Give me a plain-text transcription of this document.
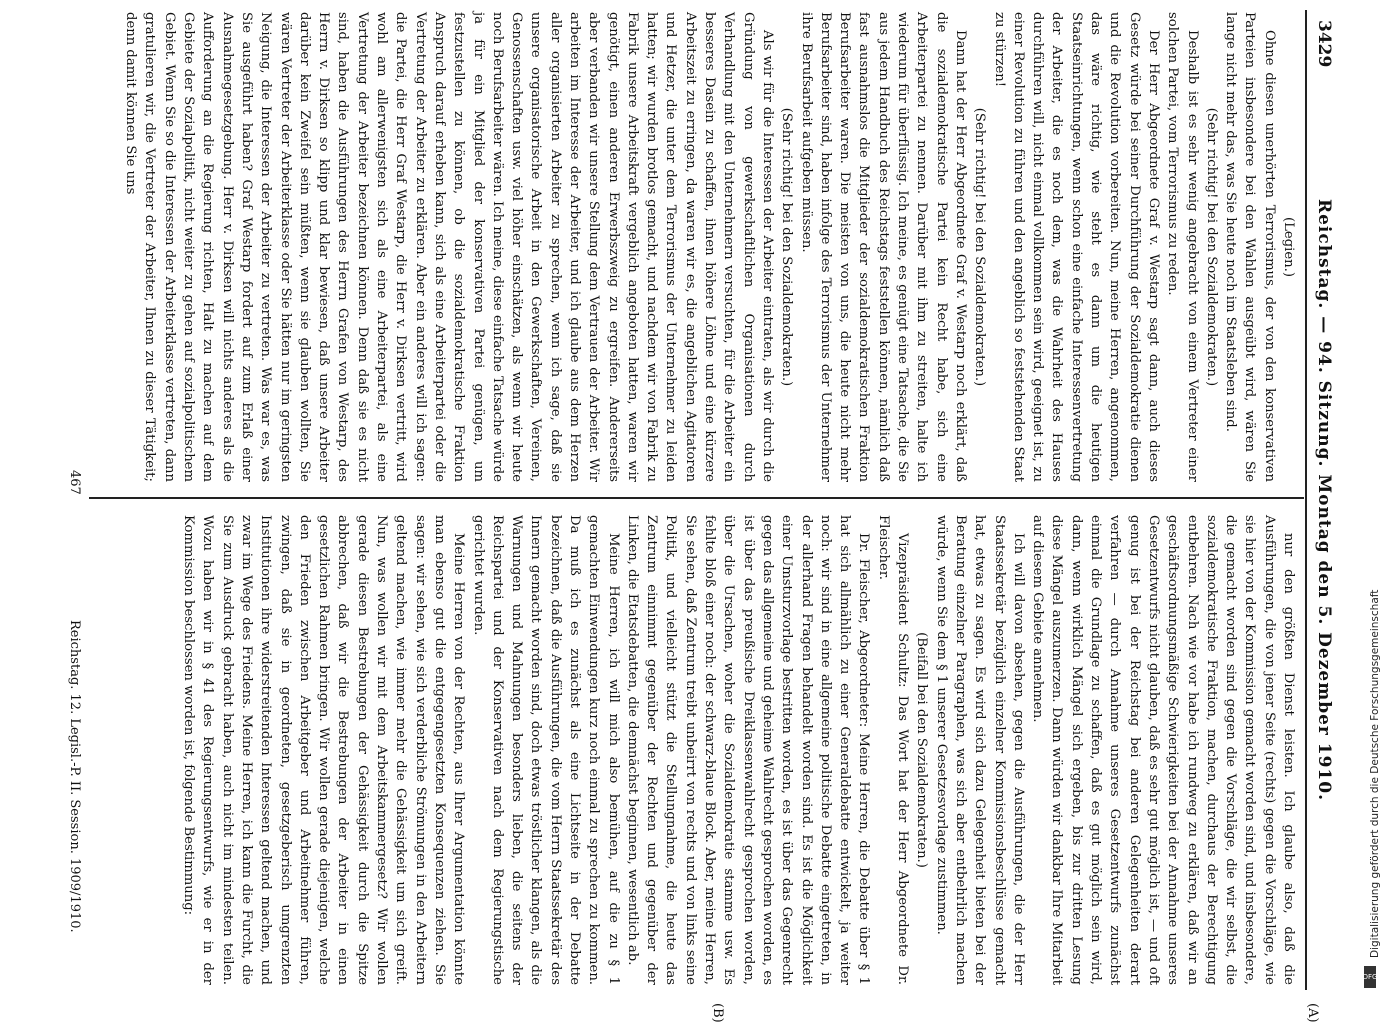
3429
Reichstag. — 94. Sitzung. Montag den 5. Dezember 1910.

nur den größten Dienst leisten. Ich glaube also, daß die Ausführungen, die von jener Seite (rechts) gegen die Vorschläge, wie sie hier von der Kommission gemacht worden sind, und insbesondere, die gemacht worden sind gegen die Vorschläge, die wir selbst, die sozialdemokratische Fraktion, machen, durchaus der Berechtigung entbehren. Nach wie vor habe ich rundweg zu erklären, daß wir an geschäftsordnungsmäßige Schwierigkeiten bei der Annahme unseres Gesetzentwurfs nicht glauben, daß es sehr gut möglich ist, — und oft genug ist bei der Reichstag bei anderen Gelegenheiten derart verfahren — durch Annahme unseres Gesetzentwurfs zunächst einmal die Grundlage zu schaffen, daß es gut möglich sein wird, dann, wenn wirklich Mängel sich ergeben, bis zur dritten Lesung diese Mängel auszumerzen. Dann würden wir dankbar Ihre Mitarbeit auf diesem Gebiete annehmen.

Ich will davon absehen, gegen die Ausführungen, die der Herr Staatssekretär bezüglich einzelner Kommissionsbeschlüsse gemacht hat, etwas zu sagen. Es wird sich dazu Gelegenheit bieten bei der Beratung einzelner Paragraphen, was sich aber entbehrlich machen würde, wenn Sie dem § 1 unserer Gesetzesvorlage zustimmen.

(Beifall bei den Sozialdemokraten.)

Vizepräsident Schultz: Das Wort hat der Herr Abgeordnete Dr. Fleischer.

Dr. Fleischer, Abgeordneter: Meine Herren, die Debatte über § 1 hat sich allmählich zu einer Generaldebatte entwickelt, ja weiter noch: wir sind in eine allgemeine politische Debatte eingetreten, in der allerhand Fragen behandelt worden sind. Es ist die Möglichkeit einer Umsturzvorlage bestritten worden, es ist über das Gegenrecht gegen das allgemeine und geheime Wahlrecht gesprochen worden, es ist über das preußische Dreiklassenwahlrecht gesprochen worden, über die Ursachen, woher die Sozialdemokratie stamme usw. Es fehlte bloß einer noch: der schwarz-blaue Block. Aber, meine Herren, Sie sehen, daß Zentrum treibt unbeirrt von rechts und von links seine Politik, und vielleicht stützt die Stellungnahme, die heute das Zentrum einnimmt gegenüber der Rechten und gegenüber der Linken, die Etatsdebatten, die demnächst beginnen, wesentlich ab.

Meine Herren, ich will mich also bemühen, auf die zu § 1 gemachten Einwendungen kurz noch einmal zu sprechen zu kommen. Da muß ich es zunächst als eine Lichtseite in der Debatte bezeichnen, daß die Ausführungen, die vom Herrn Staatssekretär des Innern gemacht worden sind, doch etwas tröstlicher klangen, als die Warnungen und Mahnungen besonders lieben, die seitens der Reichspartei und der Konservativen nach dem Regierungstische gerichtet wurden.

Meine Herren von der Rechten, aus Ihrer Argumentation könnte man ebenso gut die entgegengesetzten Konsequenzen ziehen. Sie sagen: wir sehen, wie sich verderbliche Strömungen in den Arbeitern geltend machen, wie immer mehr die Gehässigkeit um sich greift. Nun, was wollen wir mit dem Arbeitskammergesetz? Wir wollen gerade diesen Bestrebungen der Gehässigkeit durch die Spitze abbrechen, daß wir die Bestrebungen der Arbeiter in einen gesetzlichen Rahmen bringen. Wir wollen gerade diejenigen, welche den Frieden zwischen Arbeitgeber und Arbeitnehmer führen, zwingen, daß sie in geordneten, gesetzgeberisch umgrenzten Institutionen ihre widerstreitenden Interessen geltend machen, und zwar im Wege des Friedens. Meine Herren, ich kann die Furcht, die Sie zum Ausdruck gebracht haben, auch nicht im mindesten teilen. Wozu haben wir in § 41 des Regierungsentwurfs, wie er in der Kommission beschlossen worden ist, folgende Bestimmung:

(Legien.)

Ohne diesen unerhörten Terrorismus, der von den konservativen Parteien insbesondere bei den Wahlen ausgeübt wird, wären Sie lange nicht mehr das, was Sie heute noch im Staatsleben sind.

(Sehr richtig! bei den Sozialdemokraten.)

Deshalb ist es sehr wenig angebracht von einem Vertreter einer solchen Partei, vom Terrorismus zu reden.

Der Herr Abgeordnete Graf v. Westarp sagt dann, auch dieses Gesetz würde bei seiner Durchführung der Sozialdemokratie dienen und die Revolution vorbereiten. Nun, meine Herren, angenommen, das wäre richtig, wie steht es dann um die heutigen Staatseinrichtungen, wenn schon eine einfache Interessenvertretung der Arbeiter, die es noch dem, was die Wahrheit des Hauses durchführen will, nicht einmal vollkommen sein wird, geeignet ist, zu einer Revolution zu führen und den angeblich so feststehenden Staat zu stürzen!

(Sehr richtig! bei den Sozialdemokraten.)

Dann hat der Herr Abgeordnete Graf v. Westarp noch erklärt, daß die sozialdemokratische Partei kein Recht habe, sich eine Arbeiterpartei zu nennen. Darüber mit ihm zu streiten, halte ich wiederum für überflüssig. Ich meine, es genügt eine Tatsache, die Sie aus jedem Handbuch des Reichstags feststellen können, nämlich daß fast ausnahmslos die Mitglieder der sozialdemokratischen Fraktion Berufsarbeiter waren. Die meisten von uns, die heute nicht mehr Berufsarbeiter sind, haben infolge des Terrorismus der Unternehmer ihre Berufsarbeit aufgeben müssen.

(Sehr richtig! bei den Sozialdemokraten.)

Als wir für die Interessen der Arbeiter eintraten, als wir durch die Gründung von gewerkschaftlichen Organisationen durch Verhandlung mit den Unternehmern versuchten, für die Arbeiter ein besseres Dasein zu schaffen, ihnen höhere Löhne und eine kürzere Arbeitszeit zu erringen, da waren wir es, die angeblichen Agitatoren und Hetzer, die unter dem Terrorismus der Unternehmer zu leiden hatten; wir wurden brotlos gemacht, und nachdem wir von Fabrik zu Fabrik unsere Arbeitskraft vergeblich angeboten hatten, waren wir genötigt, einen anderen Erwerbszweig zu ergreifen. Andererseits aber verbanden wir unsere Stellung dem Vertrauen der Arbeiter. Wir arbeiten im Interesse der Arbeiter, und ich glaube aus dem Herzen aller organisierten Arbeiter zu sprechen, wenn ich sage, daß sie unsere organisatorische Arbeit in den Gewerkschaften, Vereinen, Genossenschaften usw. viel höher einschätzen, als wenn wir heute noch Berufsarbeiter wären. Ich meine, diese einfache Tatsache würde ja für ein Mitglied der konservativen Partei genügen, um festzustellen zu können, ob die sozialdemokratische Fraktion Anspruch darauf erheben kann, sich als eine Arbeiterpartei oder die Vertretung der Arbeiter zu erklären. Aber ein anderes will ich sagen: die Partei, die Herr Graf Westarp, die Herr v. Dirksen vertritt, wird wohl am allerwenigsten sich als eine Arbeiterpartei, als eine Vertretung der Arbeiter bezeichnen können. Denn daß sie es nicht sind, haben die Ausführungen des Herrn Grafen von Westarp, des Herrn v. Dirksen so klipp und klar bewiesen, daß unsere Arbeiter darüber kein Zweifel sein müßten, wenn sie glauben wollten, Sie wären Vertreter der Arbeiterklasse oder Sie hätten nur im geringsten Neigung, die Interessen der Arbeiter zu vertreten. Was war es, was Sie ausgeführt haben? Graf Westarp fordert auf zum Erlaß einer Ausnahmegesetzgebung. Herr v. Dirksen will nichts anderes als die Aufforderung an die Regierung richten, Halt zu machen auf dem Gebiete der Sozialpolitik, nicht weiter zu gehen auf sozialpolitischem Gebiet. Wenn Sie so die Interessen der Arbeiterklasse vertreten, dann gratulieren wir, die Vertreter der Arbeiter, Ihnen zu dieser Tätigkeit; denn damit können Sie uns

(A)
(B)
467
Reichstag. 12. Legisl.-P. II. Session. 1909/1910.	Digitalisierung gefördert durch die Deutsche Forschungsgemeinschaft
DFG
